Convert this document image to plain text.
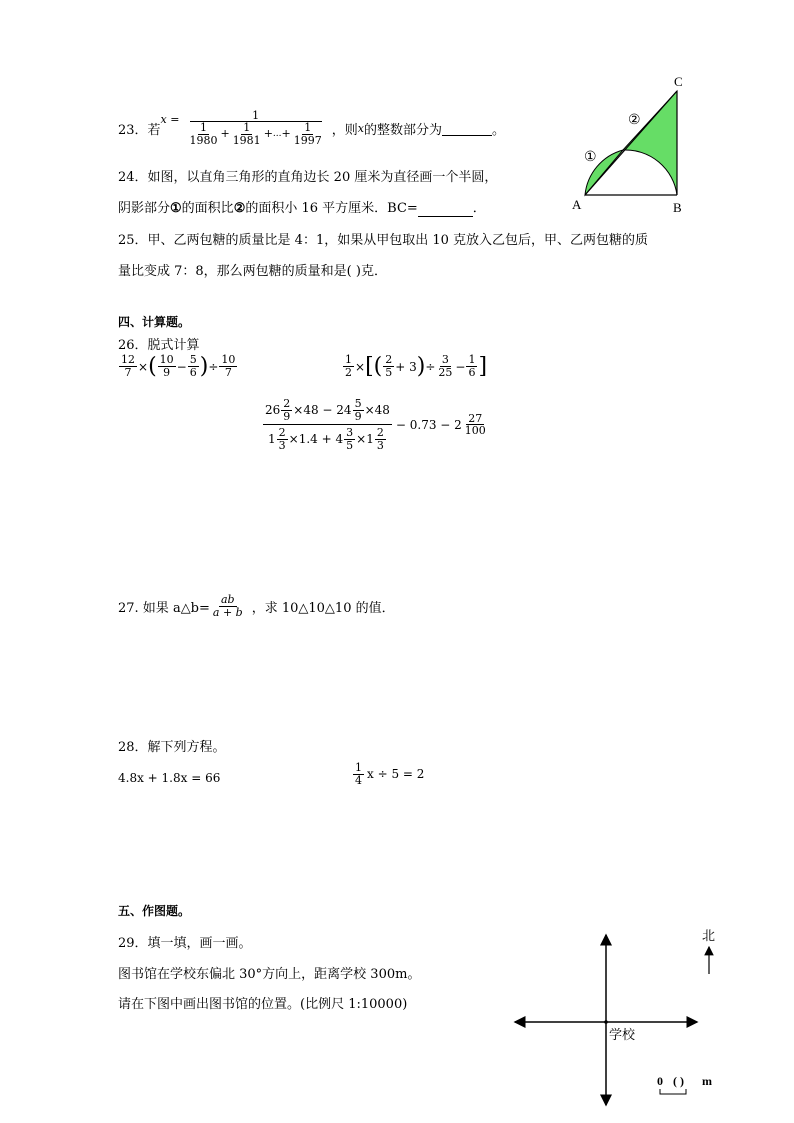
23．若
x =	1
$\frac{1}{1980} + \frac{1}{1981}$ + ... + $\frac{1}{1997}$ ，则 x 的整数部分为
	。
24．如图，以直角三角形的直角边长 20 厘米为直径画一个半圆，
阴影部分①的面积比②的面积小 16 平方厘米．BC=	．	A	B
C
①
②
25．甲、乙两包糖的质量比是 4：1，如果从甲包取出 10 克放入乙包后，甲、乙两包糖的质
量比变成 7：8，那么两包糖的质量和是( )克．
四、计算题。
26．脱式计算
$\frac{12}{7}$ × ( $\frac{10}{9} - \frac{5}{6}$ ) ÷ $\frac{10}{7}$	$\frac{1}{2}$ × [ ( $\frac{2}{5} + 3$ ) ÷ $\frac{3}{25} - \frac{1}{6}$ ]
$\frac{26 \frac{2}{9} \times 48 - 24 \frac{5}{9} \times 48}{1 \frac{2}{3} \times 1.4 + 4 \frac{3}{5} \times 1 \frac{2}{3}} - 0.73 - 2 \frac{27}{100}$
27. 如果 a△b= $\frac{ab}{a + b}$ ，求 10△10△10 的值．
28．解下列方程。
4.8x + 1.8x = 66	$\frac{1}{4}$ x ÷ 5 = 2
五、作图题。
29．填一填，画一画。
图书馆在学校东偏北 30°方向上，距离学校 300m。
请在下图中画出图书馆的位置。(比例尺 1:10000)
学校
北
0 ( ) m
